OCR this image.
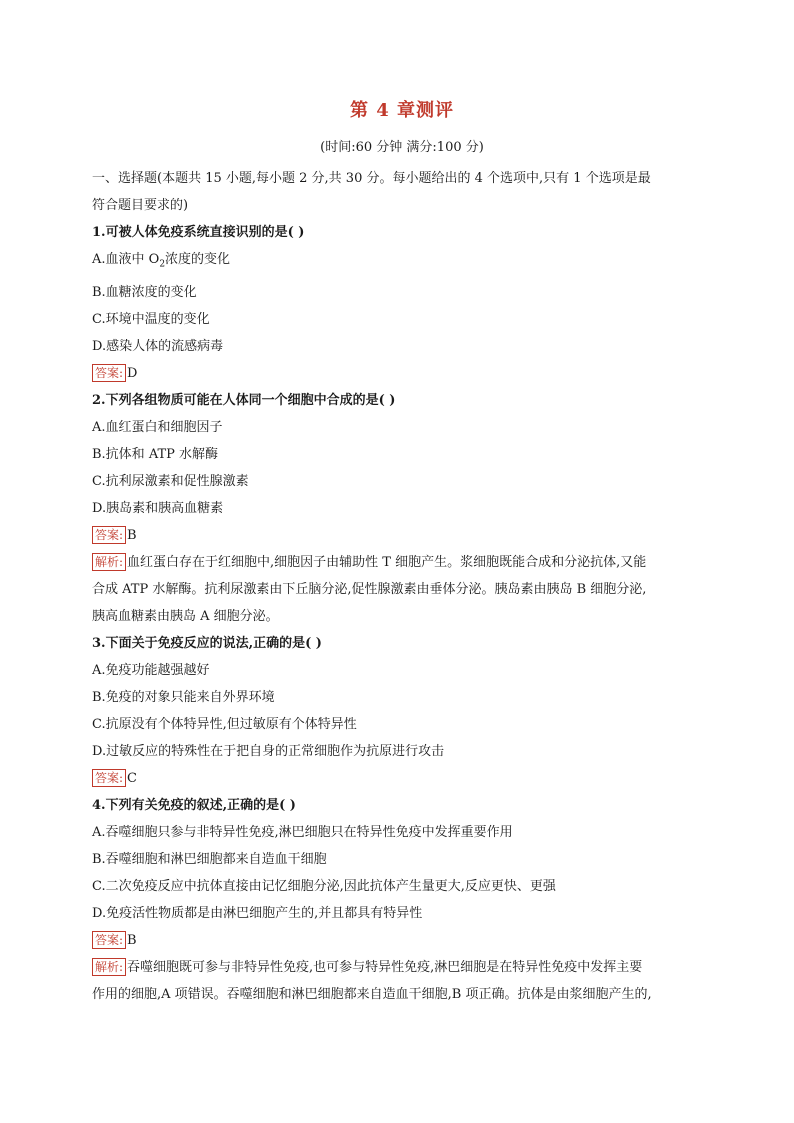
第 4 章测评
(时间:60 分钟 满分:100 分)
一、选择题(本题共 15 小题,每小题 2 分,共 30 分。每小题给出的 4 个选项中,只有 1 个选项是最
符合题目要求的)
1.可被人体免疫系统直接识别的是( )
A.血液中 $O_2$浓度的变化
B.血糖浓度的变化
C.环境中温度的变化
D.感染人体的流感病毒
答案: D
2.下列各组物质可能在人体同一个细胞中合成的是( )
A.血红蛋白和细胞因子
B.抗体和 ATP 水解酶
C.抗利尿激素和促性腺激素
D.胰岛素和胰高血糖素
答案: B
解析: 血红蛋白存在于红细胞中,细胞因子由辅助性 T 细胞产生。浆细胞既能合成和分泌抗体,又能
合成 ATP 水解酶。抗利尿激素由下丘脑分泌,促性腺激素由垂体分泌。胰岛素由胰岛 B 细胞分泌,
胰高血糖素由胰岛 A 细胞分泌。
3.下面关于免疫反应的说法,正确的是( )
A.免疫功能越强越好
B.免疫的对象只能来自外界环境
C.抗原没有个体特异性,但过敏原有个体特异性
D.过敏反应的特殊性在于把自身的正常细胞作为抗原进行攻击
答案: C
4.下列有关免疫的叙述,正确的是( )
A.吞噬细胞只参与非特异性免疫,淋巴细胞只在特异性免疫中发挥重要作用
B.吞噬细胞和淋巴细胞都来自造血干细胞
C.二次免疫反应中抗体直接由记忆细胞分泌,因此抗体产生量更大,反应更快、更强
D.免疫活性物质都是由淋巴细胞产生的,并且都具有特异性
答案: B
解析: 吞噬细胞既可参与非特异性免疫,也可参与特异性免疫,淋巴细胞是在特异性免疫中发挥主要
作用的细胞,A 项错误。吞噬细胞和淋巴细胞都来自造血干细胞,B 项正确。抗体是由浆细胞产生的,
